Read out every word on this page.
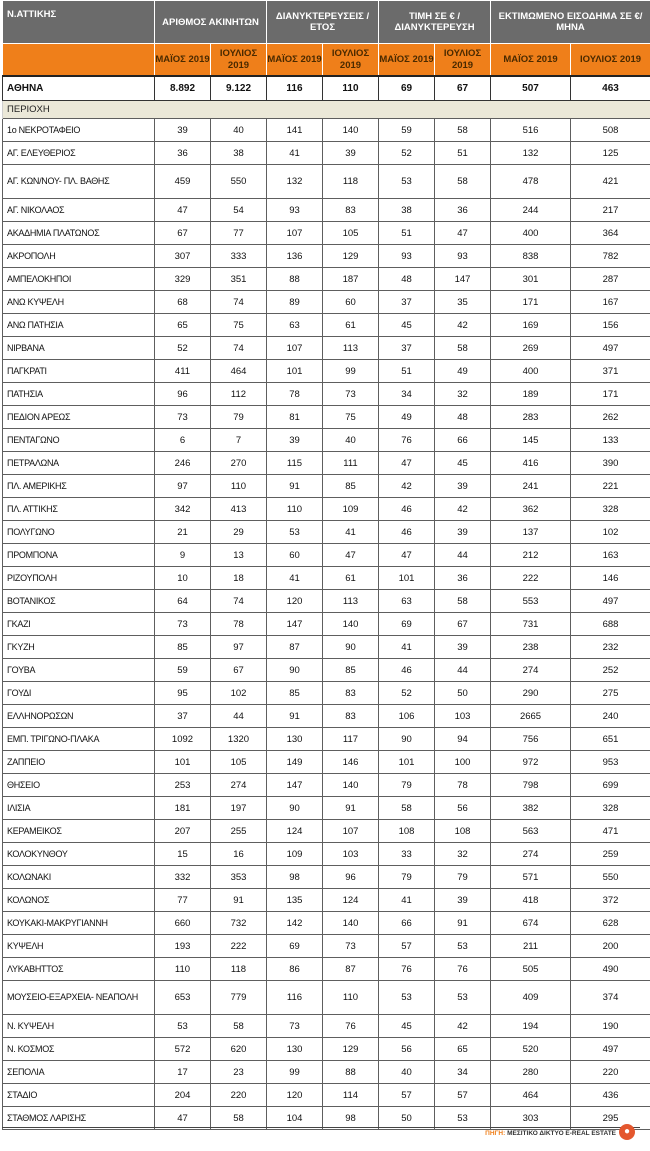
Ν.ΑΤΤΙΚΗΣ	ΑΡΙΘΜΟΣ ΑΚΙΝΗΤΩΝ		ΔΙΑΝΥΚΤΕΡΕΥΣΕΙΣ /ΕΤΟΣ		ΤΙΜΗ ΣΕ € / ΔΙΑΝΥΚΤΕΡΕΥΣΗ		ΕΚΤΙΜΩΜΕΝΟ ΕΙΣΟΔΗΜΑ ΣΕ €/ΜΗΝΑ	
	ΜΑΪΟΣ 2019	ΙΟΥΛΙΟΣ 2019	ΜΑΪΟΣ 2019	ΙΟΥΛΙΟΣ 2019	ΜΑΪΟΣ 2019	ΙΟΥΛΙΟΣ 2019	ΜΑΪΟΣ 2019	ΙΟΥΛΙΟΣ 2019
ΑΘΗΝΑ	8.892	9.122	116	110	69	67	507	463
ΠΕΡΙΟΧΗ								
1ο ΝΕΚΡΟΤΑΦΕΙΟ	39	40	141	140	59	58	516	508
ΑΓ. ΕΛΕΥΘΕΡΙΟΣ	36	38	41	39	52	51	132	125
ΑΓ. ΚΩΝ/ΝΟΥ- ΠΛ. ΒΑΘΗΣ	459	550	132	118	53	58	478	421
ΑΓ. ΝΙΚΟΛΑΟΣ	47	54	93	83	38	36	244	217
ΑΚΑΔΗΜΙΑ ΠΛΑΤΩΝΟΣ	67	77	107	105	51	47	400	364
ΑΚΡΟΠΟΛΗ	307	333	136	129	93	93	838	782
ΑΜΠΕΛΟΚΗΠΟΙ	329	351	88	187	48	147	301	287
ΑΝΩ ΚΥΨΕΛΗ	68	74	89	60	37	35	171	167
ΑΝΩ ΠΑΤΗΣΙΑ	65	75	63	61	45	42	169	156
ΝΙΡΒΑΝΑ	52	74	107	113	37	58	269	497
ΠΑΓΚΡΑΤΙ	411	464	101	99	51	49	400	371
ΠΑΤΗΣΙΑ	96	112	78	73	34	32	189	171
ΠΕΔΙΟΝ ΑΡΕΩΣ	73	79	81	75	49	48	283	262
ΠΕΝΤΑΓΩΝΟ	6	7	39	40	76	66	145	133
ΠΕΤΡΑΛΩΝΑ	246	270	115	111	47	45	416	390
ΠΛ. ΑΜΕΡΙΚΗΣ	97	110	91	85	42	39	241	221
ΠΛ. ΑΤΤΙΚΗΣ	342	413	110	109	46	42	362	328
ΠΟΛΥΓΩΝΟ	21	29	53	41	46	39	137	102
ΠΡΟΜΠΟΝΑ	9	13	60	47	47	44	212	163
ΡΙΖΟΥΠΟΛΗ	10	18	41	61	101	36	222	146
ΒΟΤΑΝΙΚΟΣ	64	74	120	113	63	58	553	497
ΓΚΑΖΙ	73	78	147	140	69	67	731	688
ΓΚΥΖΗ	85	97	87	90	41	39	238	232
ΓΟΥΒΑ	59	67	90	85	46	44	274	252
ΓΟΥΔΙ	95	102	85	83	52	50	290	275
ΕΛΛΗΝΟΡΩΣΩΝ	37	44	91	83	106	103	2665	240
ΕΜΠ. ΤΡΙΓΩΝΟ-ΠΛΑΚΑ	1092	1320	130	117	90	94	756	651
ΖΑΠΠΕΙΟ	101	105	149	146	101	100	972	953
ΘΗΣΕΙΟ	253	274	147	140	79	78	798	699
ΙΛΙΣΙΑ	181	197	90	91	58	56	382	328
ΚΕΡΑΜΕΙΚΟΣ	207	255	124	107	108	108	563	471
ΚΟΛΟΚΥΝΘΟΥ	15	16	109	103	33	32	274	259
ΚΟΛΩΝΑΚΙ	332	353	98	96	79	79	571	550
ΚΟΛΩΝΟΣ	77	91	135	124	41	39	418	372
ΚΟΥΚΑΚΙ-ΜΑΚΡΥΓΙΑΝΝΗ	660	732	142	140	66	91	674	628
ΚΥΨΕΛΗ	193	222	69	73	57	53	211	200
ΛΥΚΑΒΗΤΤΟΣ	110	118	86	87	76	76	505	490
ΜΟΥΣΕΙΟ-ΕΞΑΡΧΕΙΑ- ΝΕΑΠΟΛΗ	653	779	116	110	53	53	409	374
Ν. ΚΥΨΕΛΗ	53	58	73	76	45	42	194	190
Ν. ΚΟΣΜΟΣ	572	620	130	129	56	65	520	497
ΣΕΠΟΛΙΑ	17	23	99	88	40	34	280	220
ΣΤΑΔΙΟ	204	220	120	114	57	57	464	436
ΣΤΑΘΜΟΣ ΛΑΡΙΣΗΣ	47	58	104	98	50	53	303	295
ΠΗΓΗ: ΜΕΣΙΤΙΚΟ ΔΙΚΤΥΟ E-REAL ESTATE ●
